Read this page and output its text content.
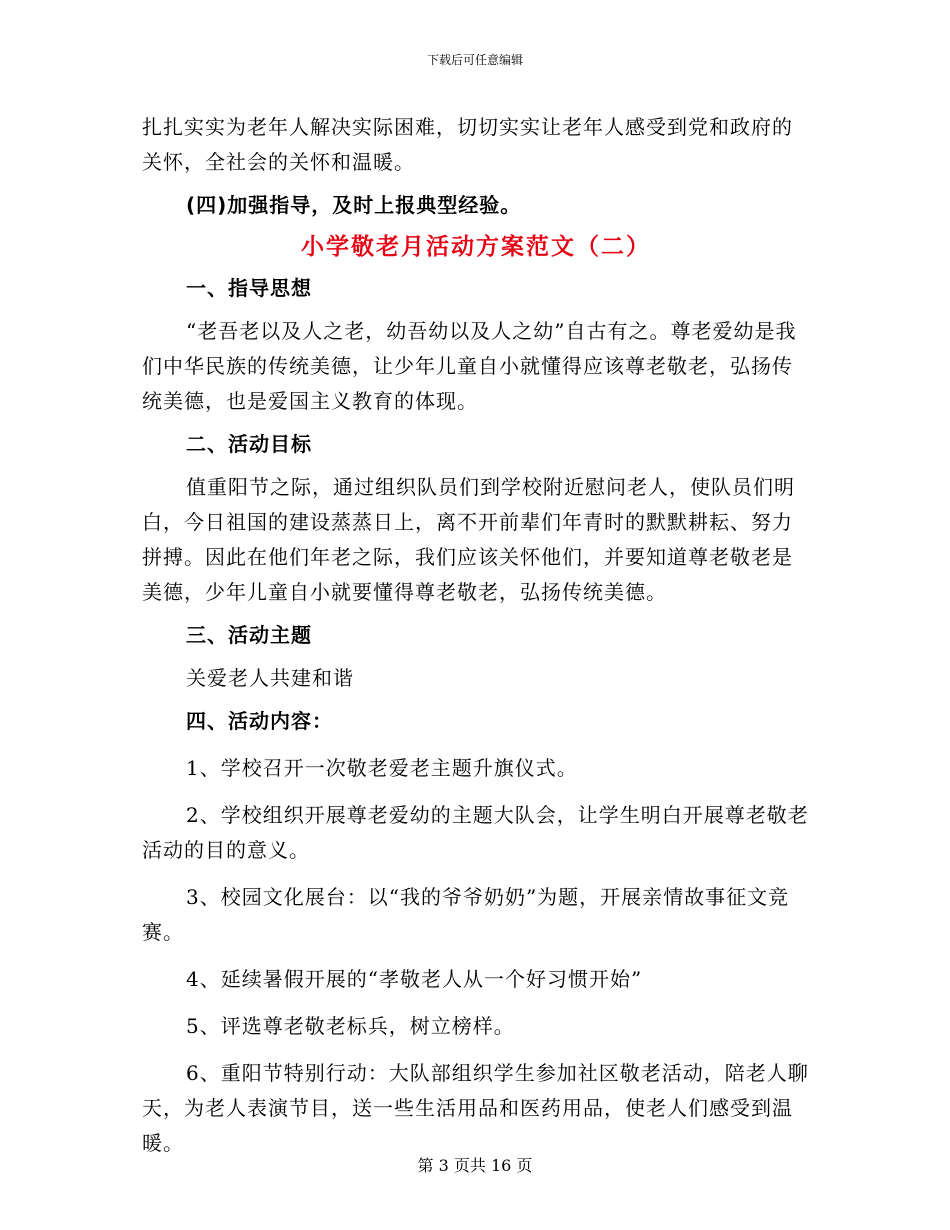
下载后可任意编辑

扎扎实实为老年人解决实际困难，切切实实让老年人感受到党和政府的关怀，全社会的关怀和温暖。

(四)加强指导，及时上报典型经验。

小学敬老月活动方案范文（二）

一、指导思想

“老吾老以及人之老，幼吾幼以及人之幼”自古有之。尊老爱幼是我们中华民族的传统美德，让少年儿童自小就懂得应该尊老敬老，弘扬传统美德，也是爱国主义教育的体现。

二、活动目标

值重阳节之际，通过组织队员们到学校附近慰问老人，使队员们明白，今日祖国的建设蒸蒸日上，离不开前辈们年青时的默默耕耘、努力拼搏。因此在他们年老之际，我们应该关怀他们，并要知道尊老敬老是美德，少年儿童自小就要懂得尊老敬老，弘扬传统美德。

三、活动主题

关爱老人共建和谐

四、活动内容：

1、学校召开一次敬老爱老主题升旗仪式。

2、学校组织开展尊老爱幼的主题大队会，让学生明白开展尊老敬老活动的目的意义。

3、校园文化展台：以“我的爷爷奶奶”为题，开展亲情故事征文竞赛。

4、延续暑假开展的“孝敬老人从一个好习惯开始”

5、评选尊老敬老标兵，树立榜样。

6、重阳节特别行动：大队部组织学生参加社区敬老活动，陪老人聊天，为老人表演节目，送一些生活用品和医药用品，使老人们感受到温暖。

第 3 页共 16 页
